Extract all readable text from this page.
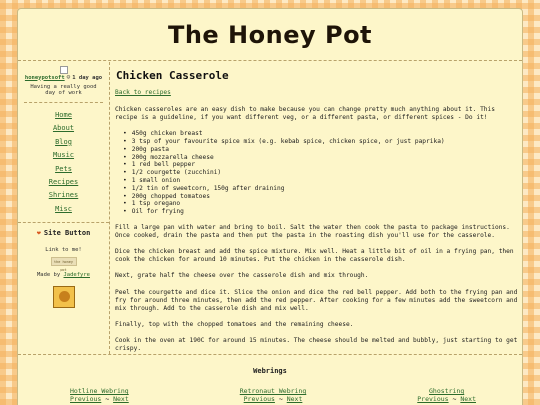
The Honey Pot
honeypotsoft ☺ 1 day ago
Having a really good day of work
Home
About
Blog
Music
Pets
Recipes
Shrines
Misc
❤ Site Button
Link to me!
the honey pot
Made by Jadefyre
Chicken Casserole
Back to recipes

Chicken casseroles are an easy dish to make because you can change pretty much anything about it. This recipe is a guideline, if you want different veg, or a different pasta, or different spices - Do it!

• 450g chicken breast
• 3 tsp of your favourite spice mix (e.g. kebab spice, chicken spice, or just paprika)
• 200g pasta
• 200g mozzarella cheese
• 1 red bell pepper
• 1/2 courgette (zucchini)
• 1 small onion
• 1/2 tin of sweetcorn, 150g after draining
• 200g chopped tomatoes
• 1 tsp oregano
• Oil for frying

Fill a large pan with water and bring to boil. Salt the water then cook the pasta to package instructions. Once cooked, drain the pasta and then put the pasta in the roasting dish you'll use for the casserole.

Dice the chicken breast and add the spice mixture. Mix well. Heat a little bit of oil in a frying pan, then cook the chicken for around 10 minutes. Put the chicken in the casserole dish.

Next, grate half the cheese over the casserole dish and mix through.

Peel the courgette and dice it. Slice the onion and dice the red bell pepper. Add both to the frying pan and fry for around three minutes, then add the red pepper. After cooking for a few minutes add the sweetcorn and mix through. Add to the casserole dish and mix well.

Finally, top with the chopped tomatoes and the remaining cheese.

Cook in the oven at 190C for around 15 minutes. The cheese should be melted and bubbly, just starting to get crispy.

Webrings
Hotline Webring
Previous ~ Next
Retronaut Webring
Previous ~ Next
Ghostring
Previous ~ Next
